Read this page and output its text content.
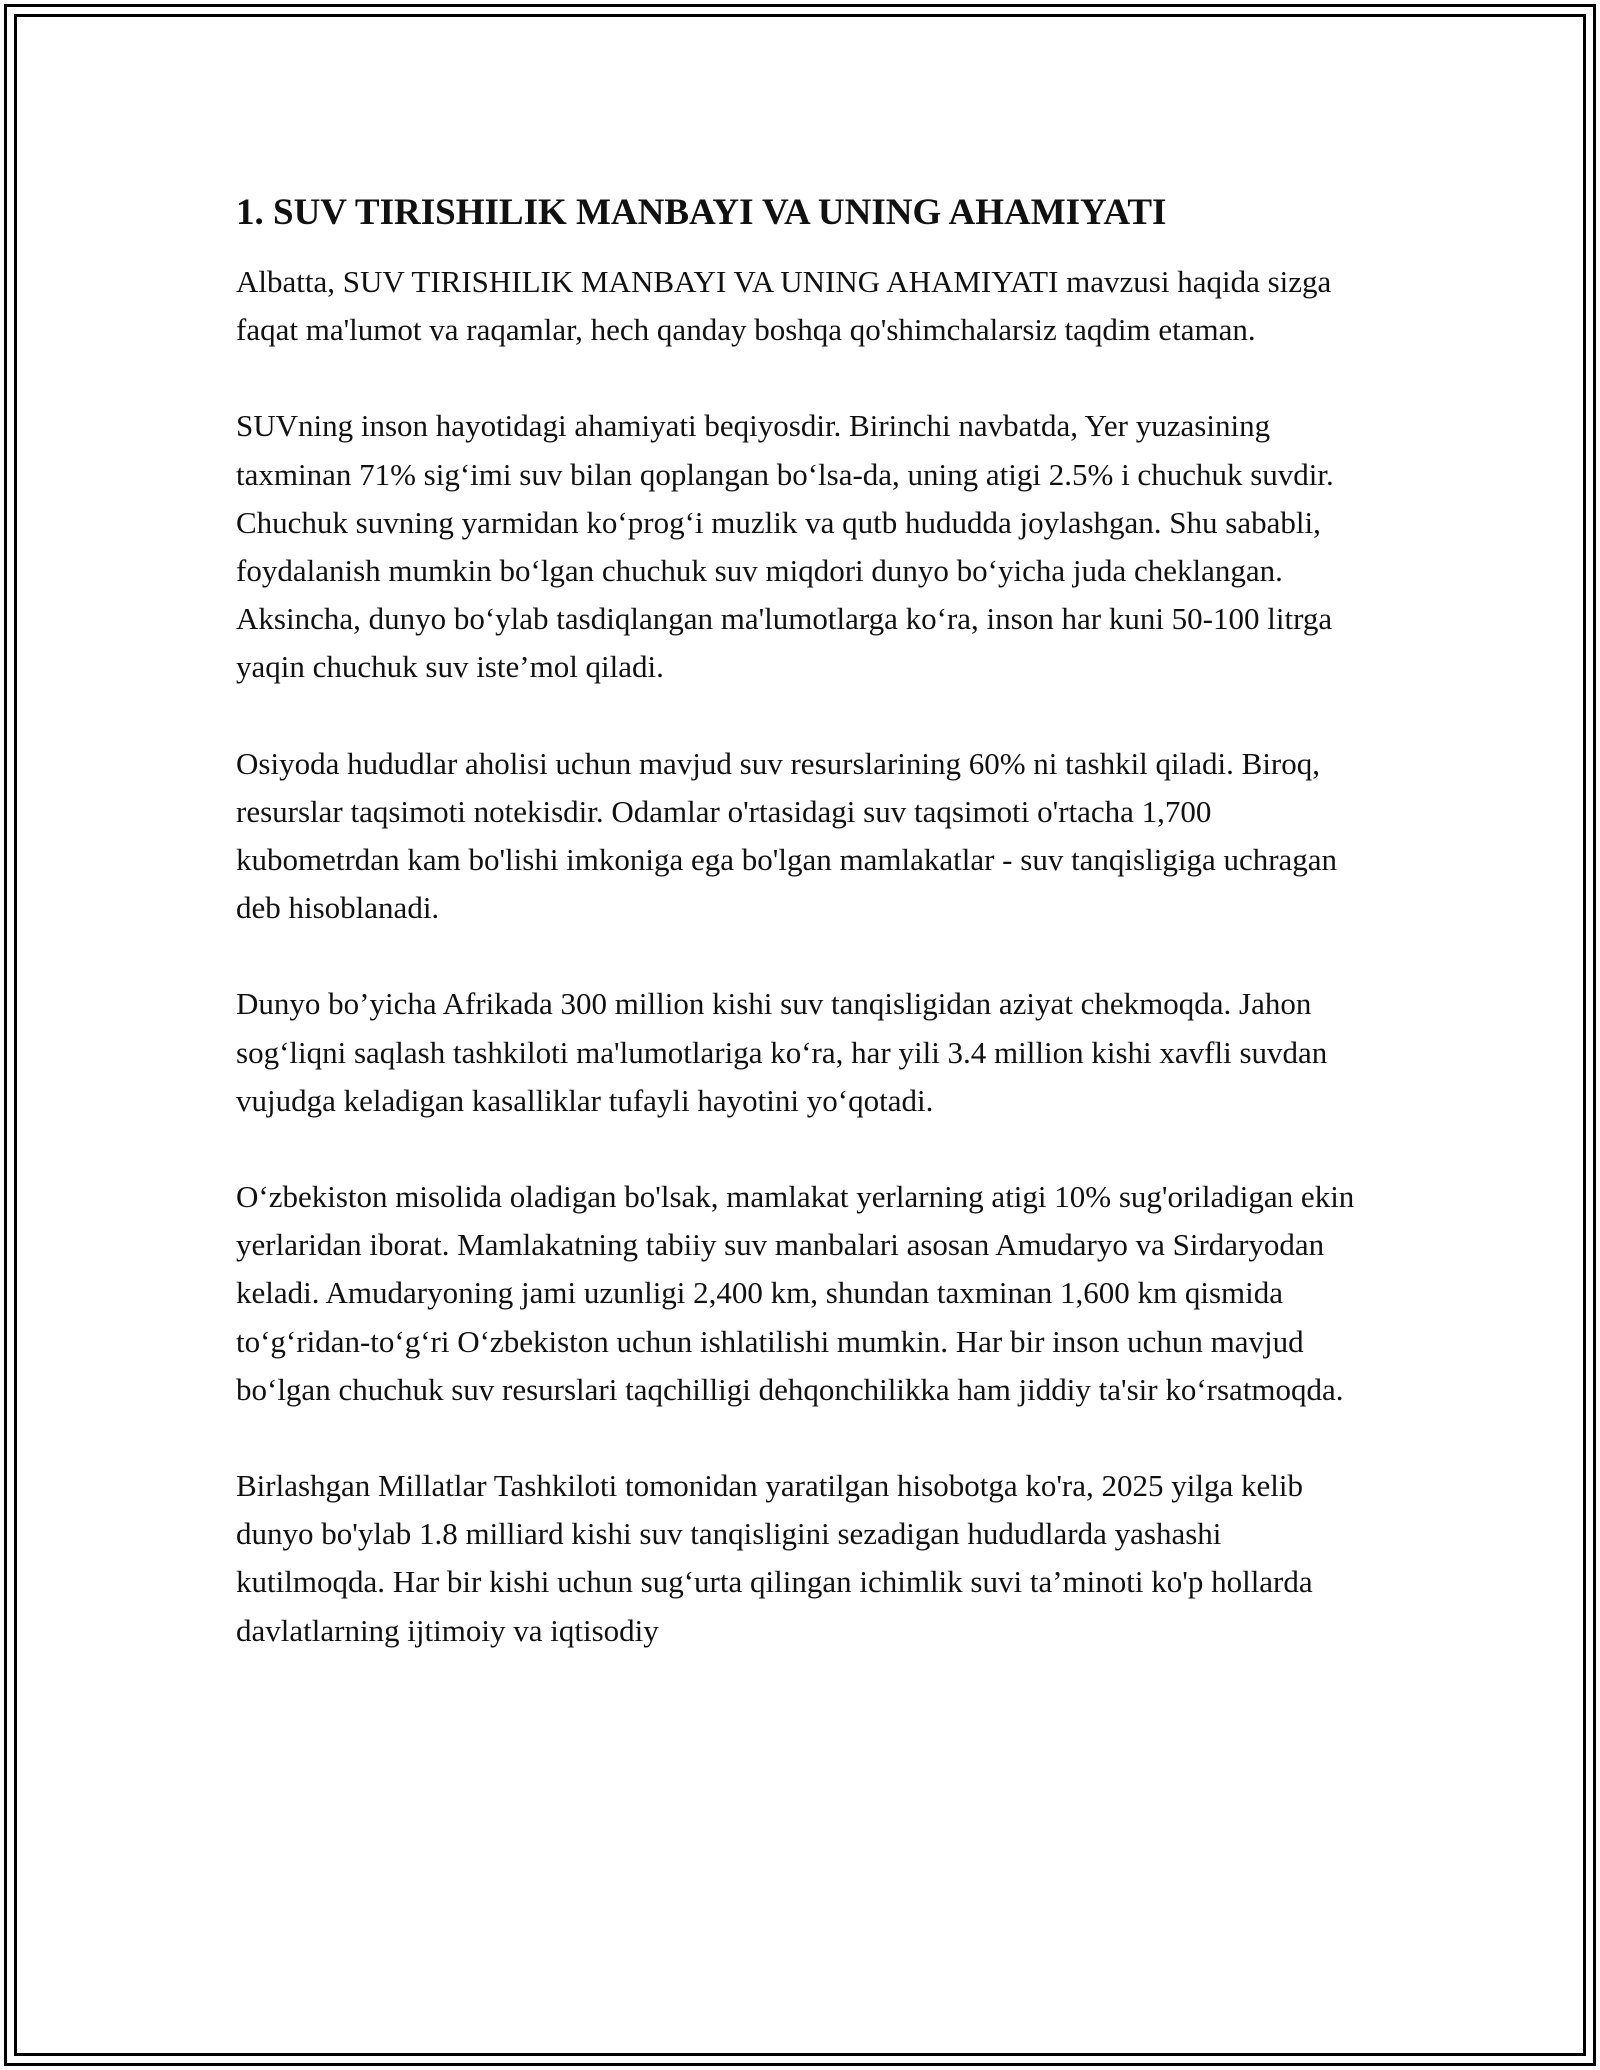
1. SUV TIRISHILIK MANBAYI VA UNING AHAMIYATI

Albatta, SUV TIRISHILIK MANBAYI VA UNING AHAMIYATI mavzusi haqida sizga faqat ma'lumot va raqamlar, hech qanday boshqa qo'shimchalarsiz taqdim etaman.

SUVning inson hayotidagi ahamiyati beqiyosdir. Birinchi navbatda, Yer yuzasining taxminan 71% sig‘imi suv bilan qoplangan bo‘lsa-da, uning atigi 2.5% i chuchuk suvdir. Chuchuk suvning yarmidan ko‘prog‘i muzlik va qutb hududda joylashgan. Shu sababli, foydalanish mumkin bo‘lgan chuchuk suv miqdori dunyo bo‘yicha juda cheklangan. Aksincha, dunyo bo‘ylab tasdiqlangan ma'lumotlarga ko‘ra, inson har kuni 50-100 litrga yaqin chuchuk suv iste’mol qiladi.

Osiyoda hududlar aholisi uchun mavjud suv resurslarining 60% ni tashkil qiladi. Biroq, resurslar taqsimoti notekisdir. Odamlar o'rtasidagi suv taqsimoti o'rtacha 1,700 kubometrdan kam bo'lishi imkoniga ega bo'lgan mamlakatlar - suv tanqisligiga uchragan deb hisoblanadi.

Dunyo bo’yicha Afrikada 300 million kishi suv tanqisligidan aziyat chekmoqda. Jahon sog‘liqni saqlash tashkiloti ma'lumotlariga ko‘ra, har yili 3.4 million kishi xavfli suvdan vujudga keladigan kasalliklar tufayli hayotini yo‘qotadi.

O‘zbekiston misolida oladigan bo'lsak, mamlakat yerlarning atigi 10% sug'oriladigan ekin yerlaridan iborat. Mamlakatning tabiiy suv manbalari asosan Amudaryo va Sirdaryodan keladi. Amudaryoning jami uzunligi 2,400 km, shundan taxminan 1,600 km qismida to‘g‘ridan-to‘g‘ri O‘zbekiston uchun ishlatilishi mumkin. Har bir inson uchun mavjud bo‘lgan chuchuk suv resurslari taqchilligi dehqonchilikka ham jiddiy ta'sir ko‘rsatmoqda.

Birlashgan Millatlar Tashkiloti tomonidan yaratilgan hisobotga ko'ra, 2025 yilga kelib dunyo bo'ylab 1.8 milliard kishi suv tanqisligini sezadigan hududlarda yashashi kutilmoqda. Har bir kishi uchun sug‘urta qilingan ichimlik suvi ta’minoti ko'p hollarda davlatlarning ijtimoiy va iqtisodiy
